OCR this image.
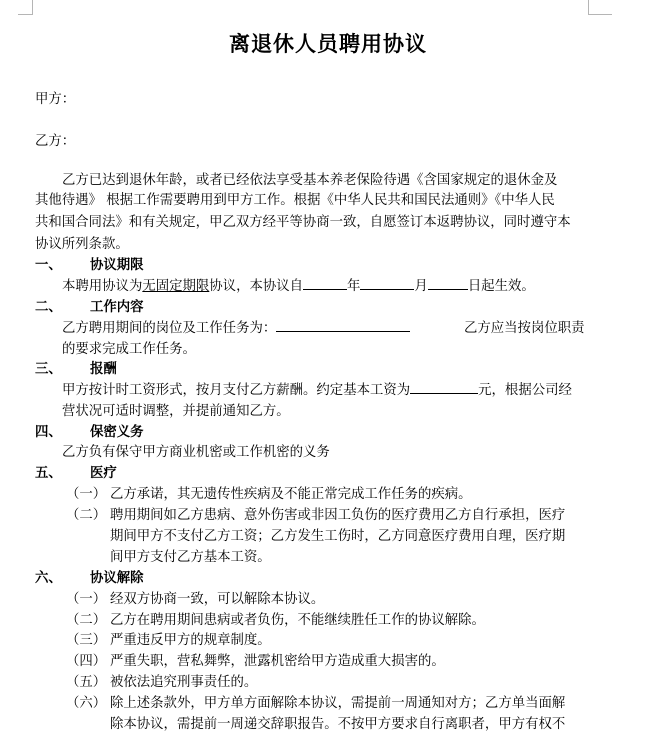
离退休人员聘用协议
甲方：
乙方：
乙方已达到退休年龄，或者已经依法享受基本养老保险待遇《含国家规定的退休金及
其他待遇》 根据工作需要聘用到甲方工作。根据《中华人民共和国民法通则》《中华人民
共和国合同法》和有关规定，甲乙双方经平等协商一致，自愿签订本返聘协议，同时遵守本
协议所列条款。
一、 协议期限
本聘用协议为无固定期限协议，本协议自	年	月	日起生效。
二、 工作内容
乙方聘用期间的岗位及工作任务为：	乙方应当按岗位职责
的要求完成工作任务。
三、 报酬
甲方按计时工资形式，按月支付乙方薪酬。约定基本工资为	元，根据公司经
营状况可适时调整，并提前通知乙方。
四、 保密义务
乙方负有保守甲方商业机密或工作机密的义务
五、 医疗
（一） 乙方承诺，其无遗传性疾病及不能正常完成工作任务的疾病。
（二） 聘用期间如乙方患病、意外伤害或非因工负伤的医疗费用乙方自行承担，医疗
期间甲方不支付乙方工资；乙方发生工伤时，乙方同意医疗费用自理，医疗期
间甲方支付乙方基本工资。
六、 协议解除
（一） 经双方协商一致，可以解除本协议。
（二） 乙方在聘用期间患病或者负伤，不能继续胜任工作的协议解除。
（三） 严重违反甲方的规章制度。
（四） 严重失职，营私舞弊，泄露机密给甲方造成重大损害的。
（五） 被依法追究刑事责任的。
（六） 除上述条款外，甲方单方面解除本协议，需提前一周通知对方；乙方单当面解
除本协议，需提前一周递交辞职报告。不按甲方要求自行离职者，甲方有权不
